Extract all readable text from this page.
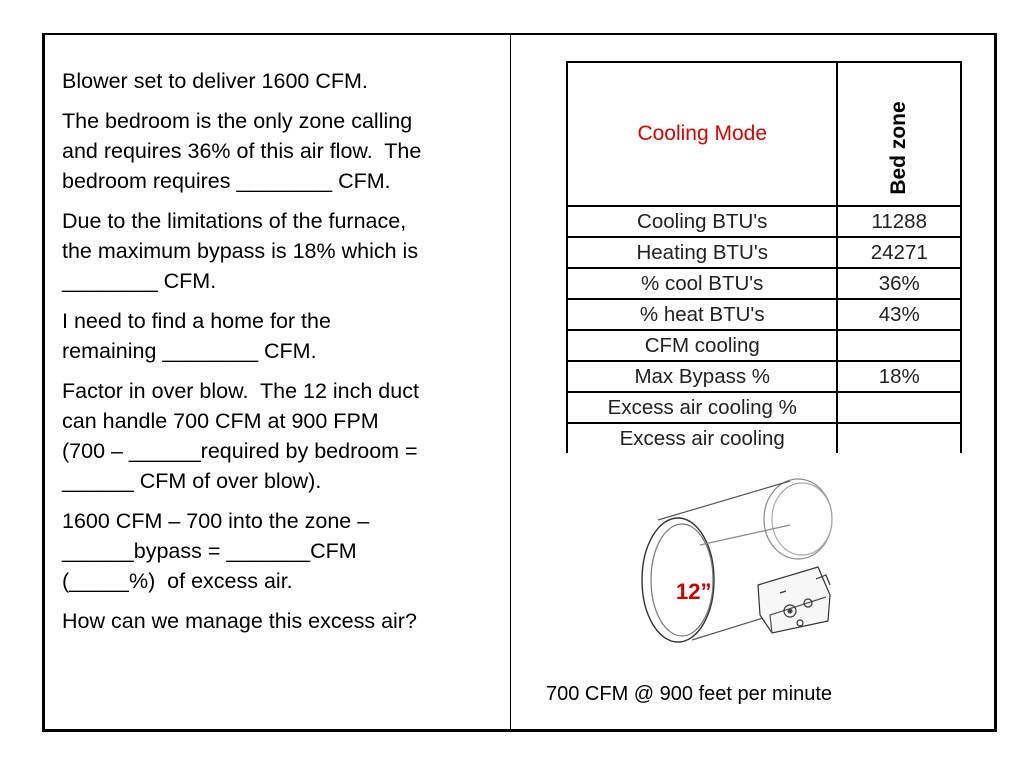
Blower set to deliver 1600 CFM.

The bedroom is the only zone calling
and requires 36% of this air flow.  The
bedroom requires ________ CFM.

Due to the limitations of the furnace,
the maximum bypass is 18% which is
________ CFM.

I need to find a home for the
remaining ________ CFM.

Factor in over blow.  The 12 inch duct
can handle 700 CFM at 900 FPM
(700 – ______required by bedroom =
______ CFM of over blow).

1600 CFM – 700 into the zone –
______bypass = _______CFM
(_____%)  of excess air.

How can we manage this excess air?

Cooling Mode	Bed zone

Cooling BTU's	11288
Heating BTU's	24271
% cool BTU's	36%
% heat BTU's	43%
CFM cooling	
Max Bypass %	18%
Excess air cooling %	
Excess air cooling	
12”
700 CFM @ 900 feet per minute
